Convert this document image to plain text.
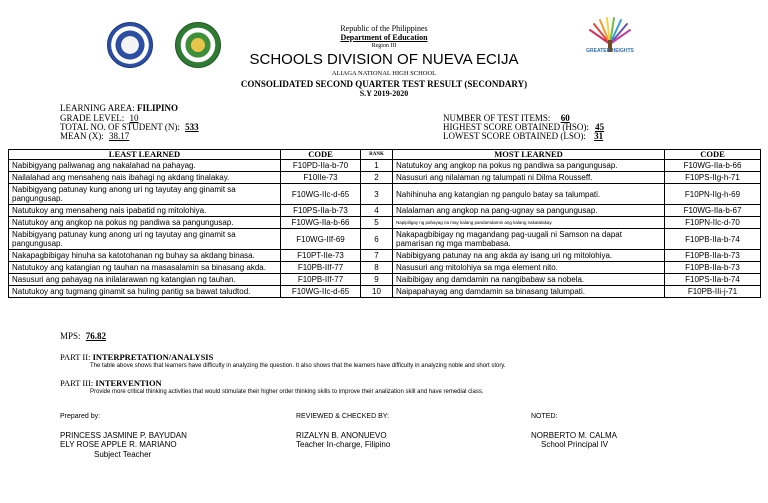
GREATER HEIGHTS
Republic of the Philippines
Department of Education
Region III
SCHOOLS DIVISION OF NUEVA ECIJA
ALIAGA NATIONAL HIGH SCHOOL
CONSOLIDATED SECOND QUARTER TEST RESULT (SECONDARY)
S.Y 2019-2020
LEARNING AREA: FILIPINO
GRADE LEVEL: 10
TOTAL NO. OF STUDENT (N): 533
MEAN (X): 38.17
NUMBER OF TEST ITEMS: 60
HIGHEST SCORE OBTAINED (HSO): 45
LOWEST SCORE OBTAINED (LSO): 31
LEAST LEARNED	CODE	RANK	MOST LEARNED	CODE
Nabibigyang paliwanag ang nakalahad na pahayag.	F10PD-IIa-b-70	1	Natutukoy ang angkop na pokus ng pandiwa sa pangungusap.	F10WG-IIa-b-66
Nailalahad ang mensaheng nais ibahagi ng akdang tinalakay.	F10IIe-73	2	Nasusuri ang nilalaman ng talumpati ni Dilma Rousseff.	F10PS-IIg-h-71
Nabibigyang patunay kung anong uri ng tayutay ang ginamit sa pangungusap.	F10WG-IIc-d-65	3	Nahihinuha ang katangian ng pangulo batay sa talumpati.	F10PN-IIg-h-69
Natutukoy ang mensaheng nais ipabatid ng mitolohiya.	F10PS-IIa-b-73	4	Nalalaman ang angkop na pang-ugnay sa pangungusap.	F10WG-IIa-b-67
Natutukoy ang angkop na pokus ng pandiwa sa pangungusap.	F10WG-IIa-b-66	5	Napipiligay ng pahayag na may kalang pandamdamin ang kalang nakatalakay.	F10PN-IIc-d-70
Nabibigyang patunay kung anong uri ng tayutay ang ginamit sa pangungusap.	F10WG-IIf-69	6	Nakapagbibigay ng magandang pag-uugali ni Samson na dapat pamarisan ng mga mambabasa.	F10PB-IIa-b-74
Nakapagbibigay hinuha sa katotohanan ng buhay sa akdang binasa.	F10PT-IIe-73	7	Nabibigyang patunay na ang akda ay isang uri ng mitolohiya.	F10PB-IIa-b-73
Natutukoy ang katangian ng tauhan na masasalamin sa binasang akda.	F10PB-IIf-77	8	Nasusuri ang mitolohiya sa mga element nito.	F10PB-IIa-b-73
Nasusuri ang pahayag na inilalarawan ng katangian ng tauhan.	F10PB-IIf-77	9	Naibibigay ang damdamin na nangibabaw sa nobela.	F10PS-IIa-b-74
Natutukoy ang tugmang ginamit sa huling pantig sa bawat taludtod.	F10WG-IIc-d-65	10	Naipapahayag ang damdamin sa binasang talumpati.	F10PB-IIi-j-71
MPS: 76.82
PART II: INTERPRETATION/ANALYSIS
The table above shows that learners have difficulty in analyzing the question. It also shows that the learners have difficulty in analyzing noble and short story.
PART III: INTERVENTION
Provide more critical thinking activities that would stimulate their higher order thinking skills to improve their analization skill and have remedial class.
Prepared by:
PRINCESS JASMINE P. BAYUDAN
ELY ROSE APPLE R. MARIANO
Subject Teacher
REVIEWED & CHECKED BY:
RIZALYN B. ANONUEVO
Teacher In-charge, Filipino
NOTED:
NORBERTO M. CALMA
School Principal IV
